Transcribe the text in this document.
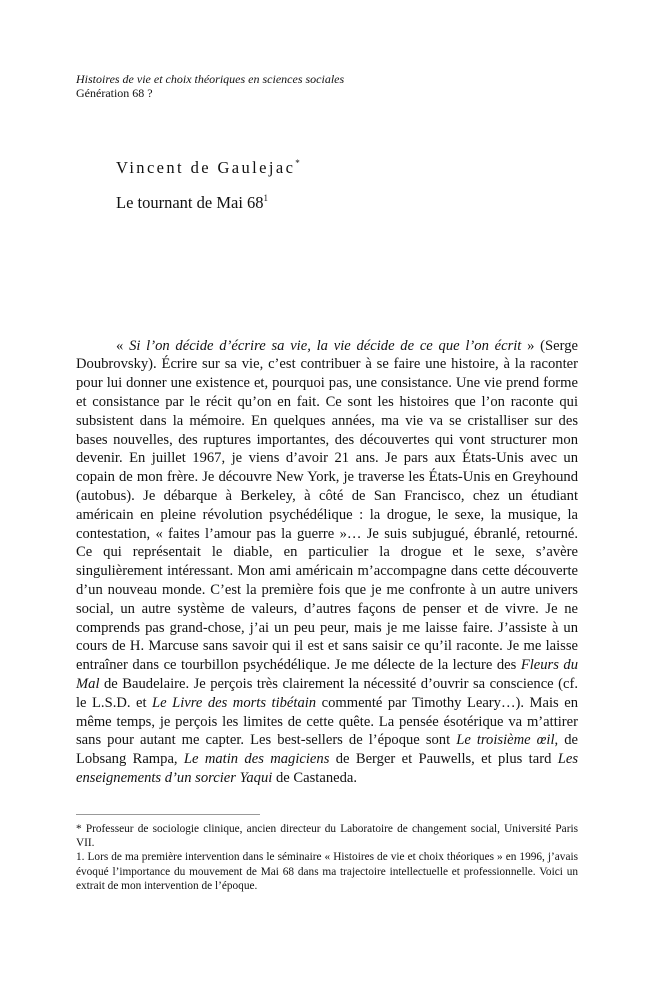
Histoires de vie et choix théoriques en sciences sociales
Génération 68 ?
Vincent de Gaulejac*
Le tournant de Mai $68^1$

« Si l’on décide d’écrire sa vie, la vie décide de ce que l’on écrit » (Serge Doubrovsky). Écrire sur sa vie, c’est contribuer à se faire une histoire, à la raconter pour lui donner une existence et, pourquoi pas, une consistance. Une vie prend forme et consistance par le récit qu’on en fait. Ce sont les histoires que l’on raconte qui subsistent dans la mémoire. En quelques années, ma vie va se cristalliser sur des bases nouvelles, des ruptures importantes, des découvertes qui vont structurer mon devenir. En juillet 1967, je viens d’avoir 21 ans. Je pars aux États-Unis avec un copain de mon frère. Je découvre New York, je traverse les États-Unis en Greyhound (autobus). Je débarque à Berkeley, à côté de San Francisco, chez un étudiant américain en pleine révolution psychédélique : la drogue, le sexe, la musique, la contestation, « faites l’amour pas la guerre »… Je suis subjugué, ébranlé, retourné. Ce qui représentait le diable, en particulier la drogue et le sexe, s’avère singulièrement intéressant. Mon ami américain m’accompagne dans cette découverte d’un nouveau monde. C’est la première fois que je me confronte à un autre univers social, un autre système de valeurs, d’autres façons de penser et de vivre. Je ne comprends pas grand-chose, j’ai un peu peur, mais je me laisse faire. J’assiste à un cours de H. Marcuse sans savoir qui il est et sans saisir ce qu’il raconte. Je me laisse entraîner dans ce tourbillon psychédélique. Je me délecte de la lecture des Fleurs du Mal de Baudelaire. Je perçois très clairement la nécessité d’ouvrir sa conscience (cf. le L.S.D. et Le Livre des morts tibétain commenté par Timothy Leary…). Mais en même temps, je perçois les limites de cette quête. La pensée ésotérique va m’attirer sans pour autant me capter. Les best-sellers de l’époque sont Le troisième œil, de Lobsang Rampa, Le matin des magiciens de Berger et Pauwells, et plus tard Les enseignements d’un sorcier Yaqui de Castaneda.

* Professeur de sociologie clinique, ancien directeur du Laboratoire de changement social, Université Paris VII.

1. Lors de ma première intervention dans le séminaire « Histoires de vie et choix théoriques » en 1996, j’avais évoqué l’importance du mouvement de Mai 68 dans ma trajectoire intellectuelle et professionnelle. Voici un extrait de mon intervention de l’époque.
